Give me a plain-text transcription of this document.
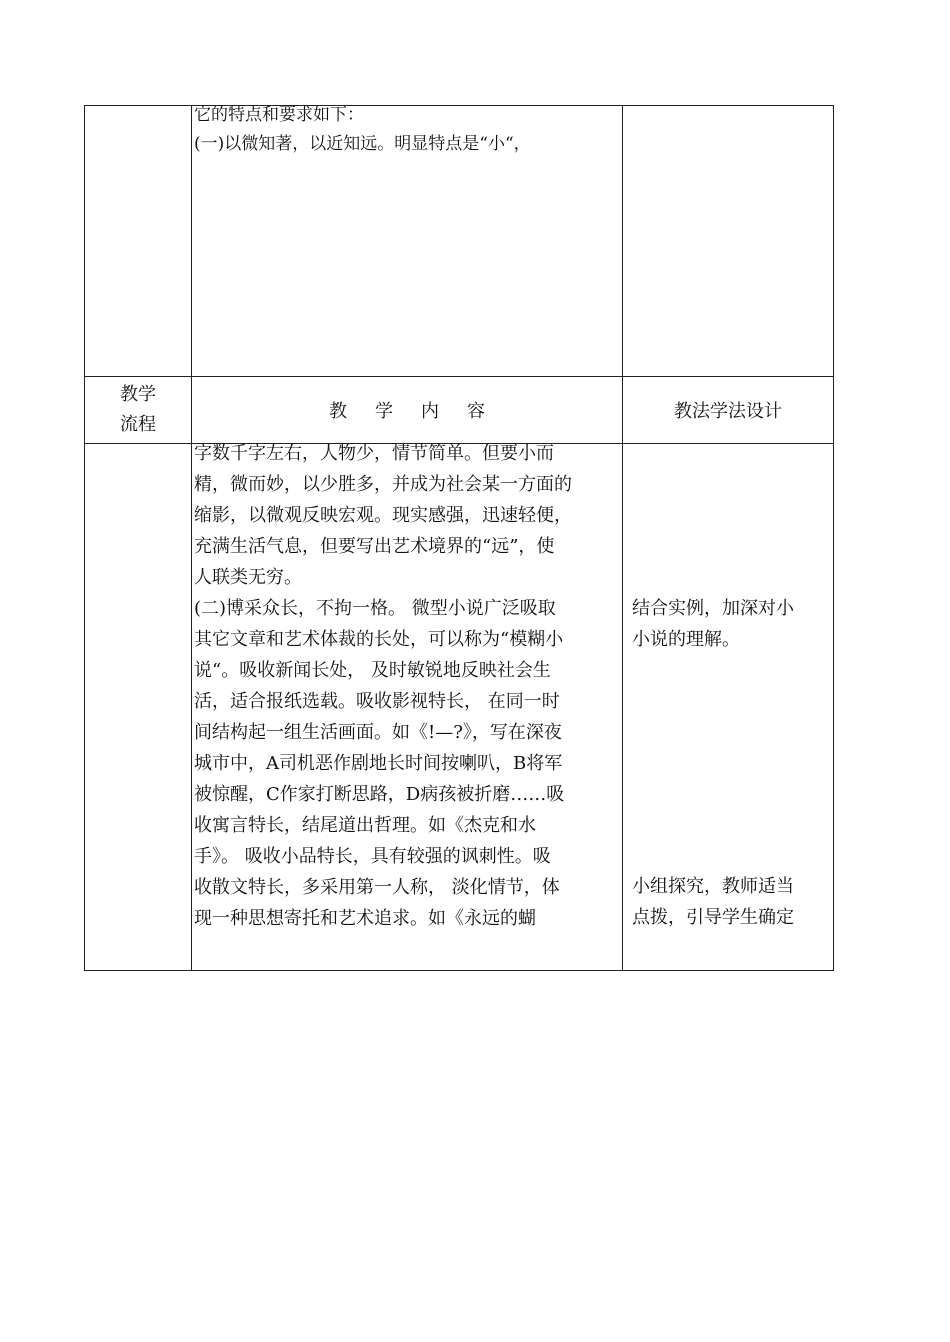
它的特点和要求如下：
(一)以微知著，以近知远。明显特点是“小“，
教学
流程
教 学 内 容	教法学法设计
字数千字左右，人物少，情节简单。但要小而
精，微而妙，以少胜多，并成为社会某一方面的
缩影，以微观反映宏观。现实感强，迅速轻便，
充满生活气息，但要写出艺术境界的“远”，使
人联类无穷。
(二)博采众长，不拘一格。 微型小说广泛吸取
其它文章和艺术体裁的长处，可以称为“模糊小
说“。吸收新闻长处， 及时敏锐地反映社会生
活，适合报纸选载。吸收影视特长， 在同一时
间结构起一组生活画面。如《!—?》，写在深夜
城市中，A司机恶作剧地长时间按喇叭，B将军
被惊醒，C作家打断思路，D病孩被折磨……吸
收寓言特长，结尾道出哲理。如《杰克和水
手》。 吸收小品特长，具有较强的讽刺性。吸
收散文特长，多采用第一人称， 淡化情节，体
现一种思想寄托和艺术追求。如《永远的蝴
结合实例，加深对小
小说的理解。
小组探究，教师适当
点拨，引导学生确定
